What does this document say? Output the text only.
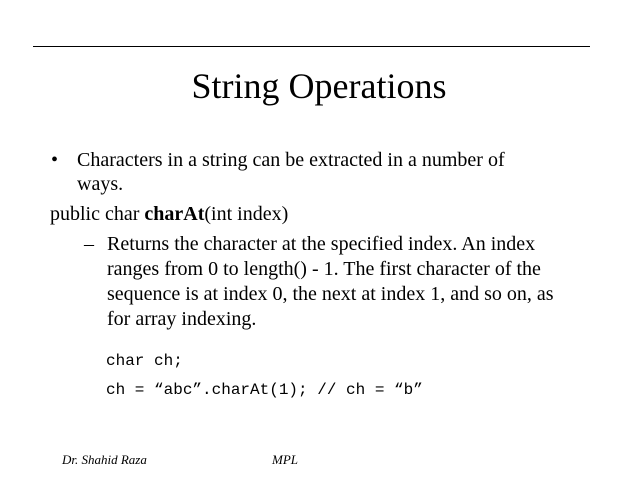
String Operations
• Characters in a string can be extracted in a number of
ways.
public char charAt(int index)
– Returns the character at the specified index. An index
ranges from 0 to length() - 1. The first character of the
sequence is at index 0, the next at index 1, and so on, as
for array indexing.
char ch;
ch = “abc”.charAt(1); // ch = “b”
Dr. Shahid Raza	MPL
